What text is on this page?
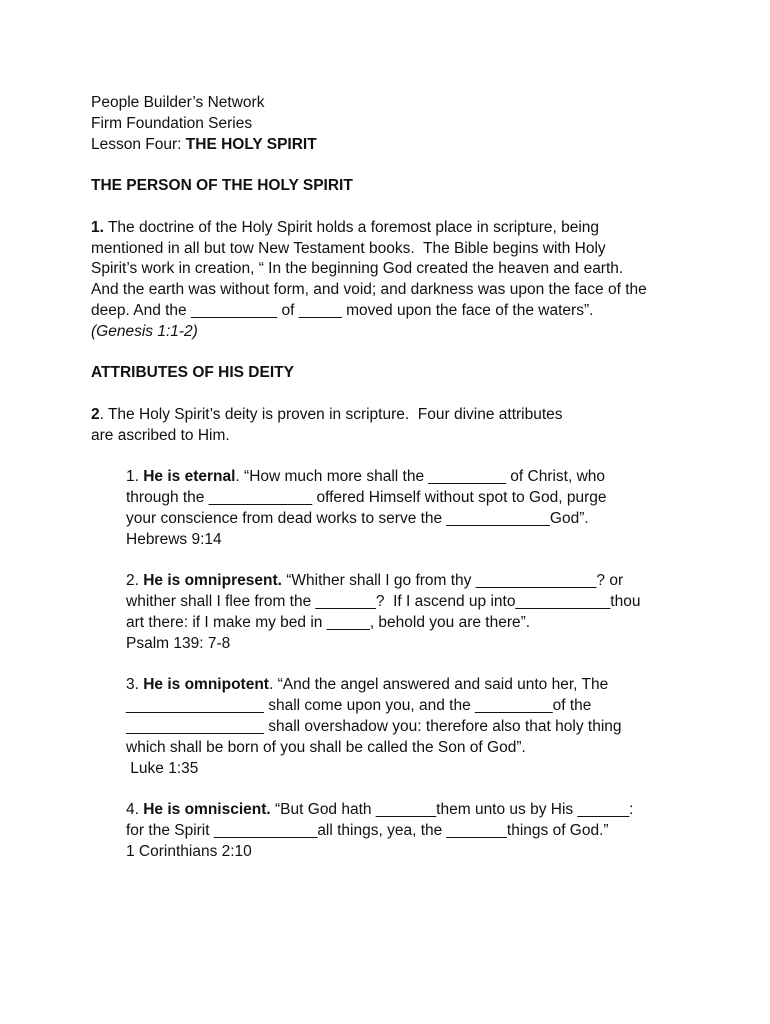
People Builder’s Network
Firm Foundation Series
Lesson Four: THE HOLY SPIRIT
THE PERSON OF THE HOLY SPIRIT
1. The doctrine of the Holy Spirit holds a foremost place in scripture, being
mentioned in all but tow New Testament books.  The Bible begins with Holy
Spirit’s work in creation, “ In the beginning God created the heaven and earth.
And the earth was without form, and void; and darkness was upon the face of the
deep. And the __________ of _____ moved upon the face of the waters”.
(Genesis 1:1-2)
ATTRIBUTES OF HIS DEITY
2. The Holy Spirit’s deity is proven in scripture.  Four divine attributes
are ascribed to Him.
1. He is eternal. “How much more shall the _________ of Christ, who
through the ____________ offered Himself without spot to God, purge
your conscience from dead works to serve the ____________God”.
Hebrews 9:14
2. He is omnipresent. “Whither shall I go from thy ______________? or
whither shall I flee from the _______?  If I ascend up into___________thou
art there: if I make my bed in _____, behold you are there”.
Psalm 139: 7-8
3. He is omnipotent. “And the angel answered and said unto her, The
________________ shall come upon you, and the _________of the
________________ shall overshadow you: therefore also that holy thing
which shall be born of you shall be called the Son of God”.
Luke 1:35
4. He is omniscient. “But God hath _______them unto us by His ______:
for the Spirit ____________all things, yea, the _______things of God.”
1 Corinthians 2:10
